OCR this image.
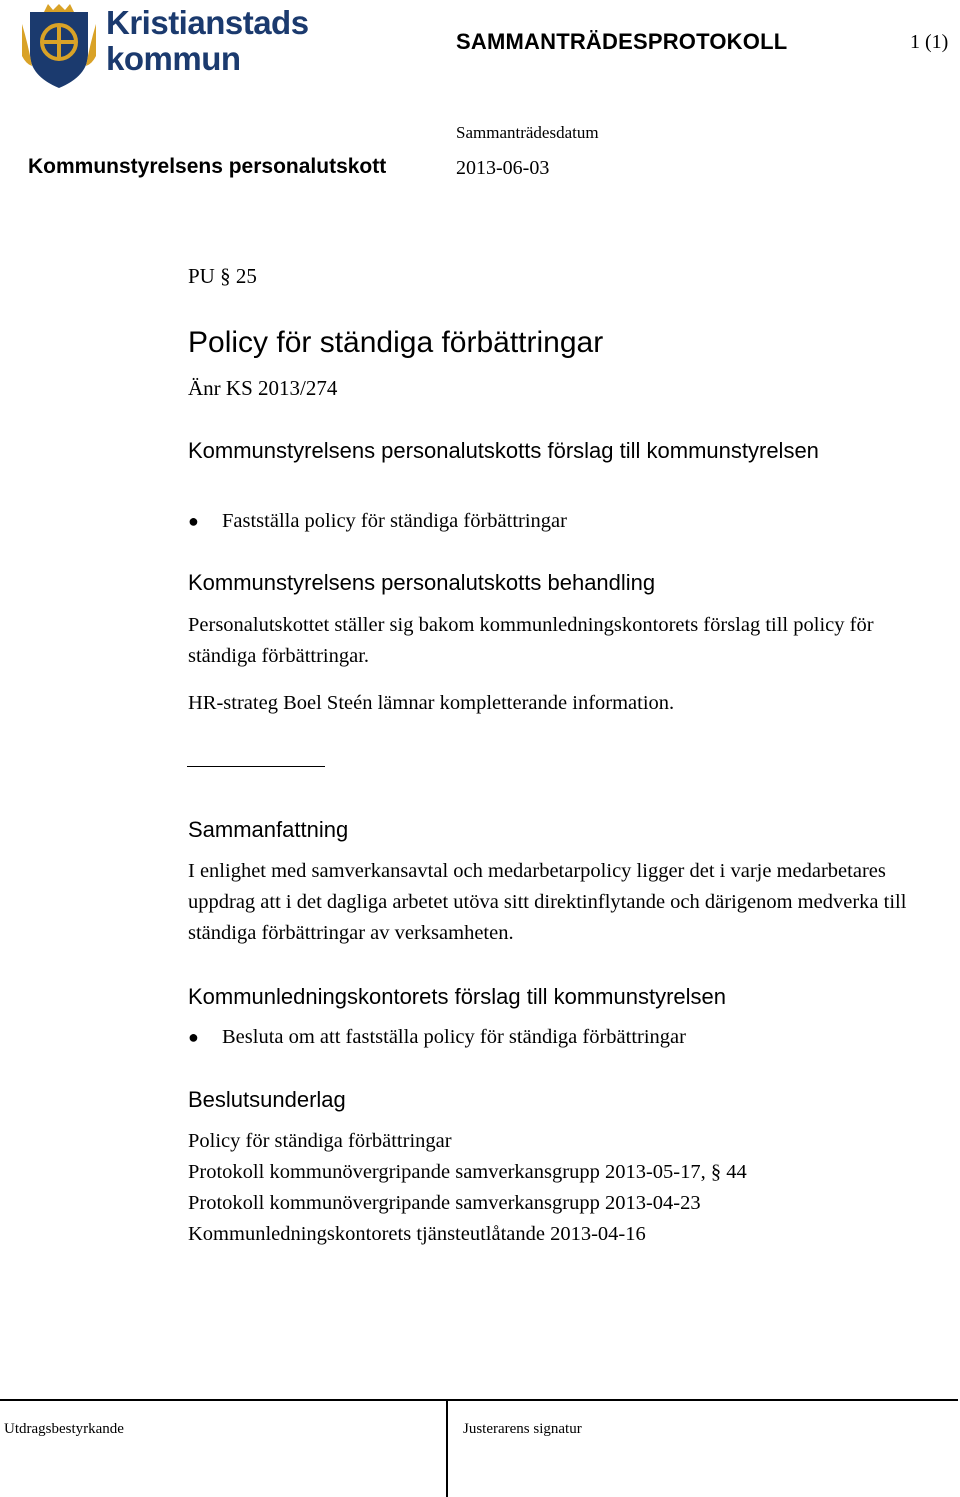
Kristianstads
kommun	SAMMANTRÄDESPROTOKOLL	1 (1)
Sammanträdesdatum
Kommunstyrelsens personalutskott	2013-06-03
PU § 25
Policy för ständiga förbättringar
Änr KS 2013/274
Kommunstyrelsens personalutskotts förslag till kommunstyrelsen
●	Fastställa policy för ständiga förbättringar
Kommunstyrelsens personalutskotts behandling
Personalutskottet ställer sig bakom kommunledningskontorets förslag till policy för ständiga förbättringar.
HR-strateg Boel Steén lämnar kompletterande information.
Sammanfattning
I enlighet med samverkansavtal och medarbetarpolicy ligger det i varje medarbetares uppdrag att i det dagliga arbetet utöva sitt direktinflytande och därigenom medverka till ständiga förbättringar av verksamheten.
Kommunledningskontorets förslag till kommunstyrelsen
●	Besluta om att fastställa policy för ständiga förbättringar
Beslutsunderlag
Policy för ständiga förbättringar
Protokoll kommunövergripande samverkansgrupp 2013-05-17, § 44
Protokoll kommunövergripande samverkansgrupp 2013-04-23
Kommunledningskontorets tjänsteutlåtande 2013-04-16
Utdragsbestyrkande	Justerarens signatur
